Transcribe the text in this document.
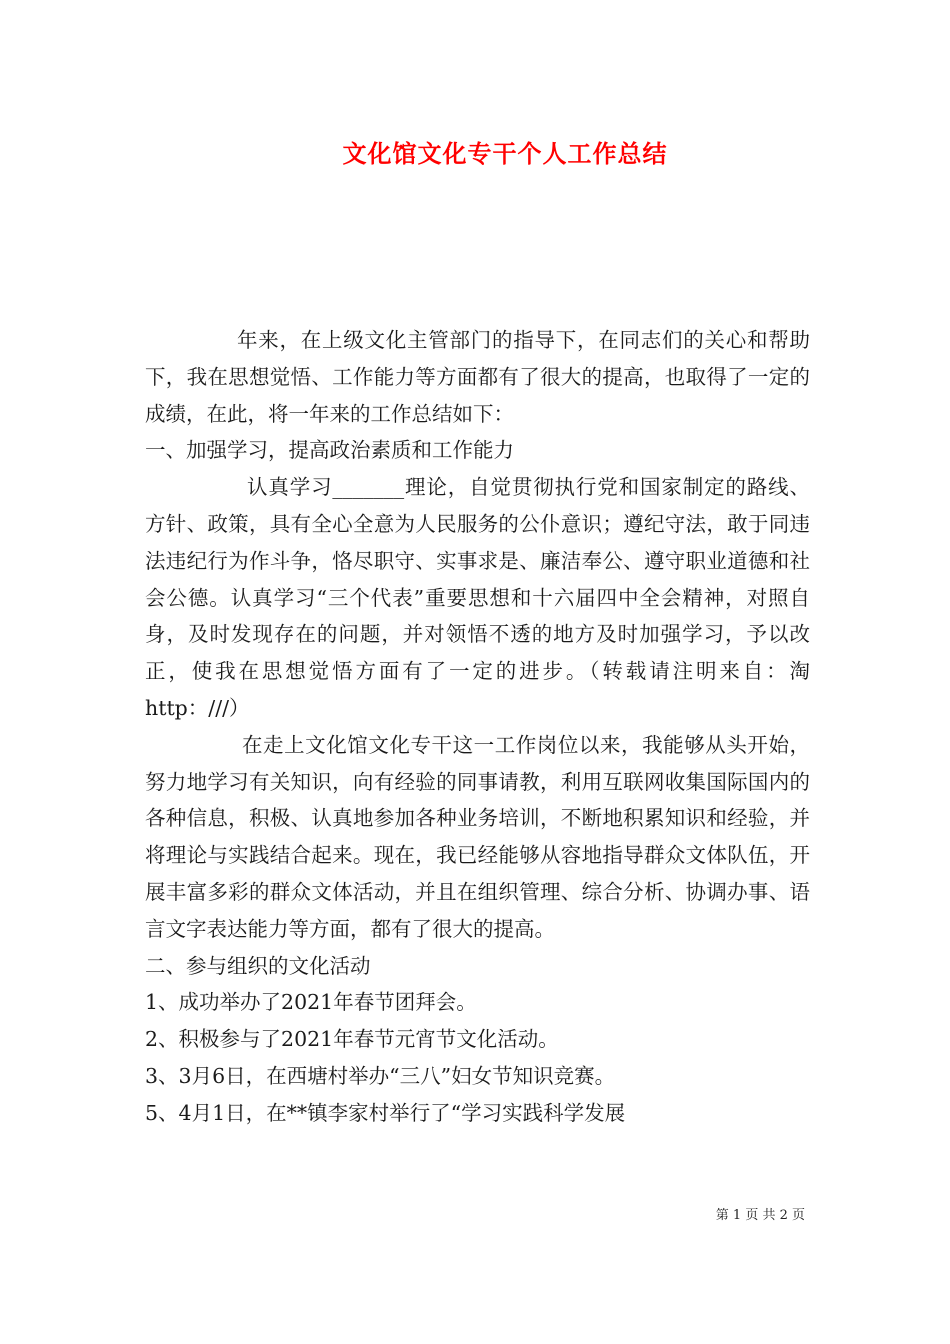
文化馆文化专干个人工作总结

年来，在上级文化主管部门的指导下，在同志们的关心和帮助下，我在思想觉悟、工作能力等方面都有了很大的提高，也取得了一定的成绩，在此，将一年来的工作总结如下：

一、加强学习，提高政治素质和工作能力

认真学习_______理论，自觉贯彻执行党和国家制定的路线、方针、政策，具有全心全意为人民服务的公仆意识；遵纪守法，敢于同违法违纪行为作斗争，恪尽职守、实事求是、廉洁奉公、遵守职业道德和社会公德。认真学习“三个代表”重要思想和十六届四中全会精神，对照自身，及时发现存在的问题，并对领悟不透的地方及时加强学习，予以改正，使我在思想觉悟方面有了一定的进步。（转载请注明来自：淘http：///）

在走上文化馆文化专干这一工作岗位以来，我能够从头开始，努力地学习有关知识，向有经验的同事请教，利用互联网收集国际国内的各种信息，积极、认真地参加各种业务培训，不断地积累知识和经验，并将理论与实践结合起来。现在，我已经能够从容地指导群众文体队伍，开展丰富多彩的群众文体活动，并且在组织管理、综合分析、协调办事、语言文字表达能力等方面，都有了很大的提高。

二、参与组织的文化活动

1、成功举办了2021年春节团拜会。

2、积极参与了2021年春节元宵节文化活动。

3、3月6日，在西塘村举办“三八”妇女节知识竞赛。

5、4月1日，在**镇李家村举行了“学习实践科学发展

第 1 页 共 2 页
